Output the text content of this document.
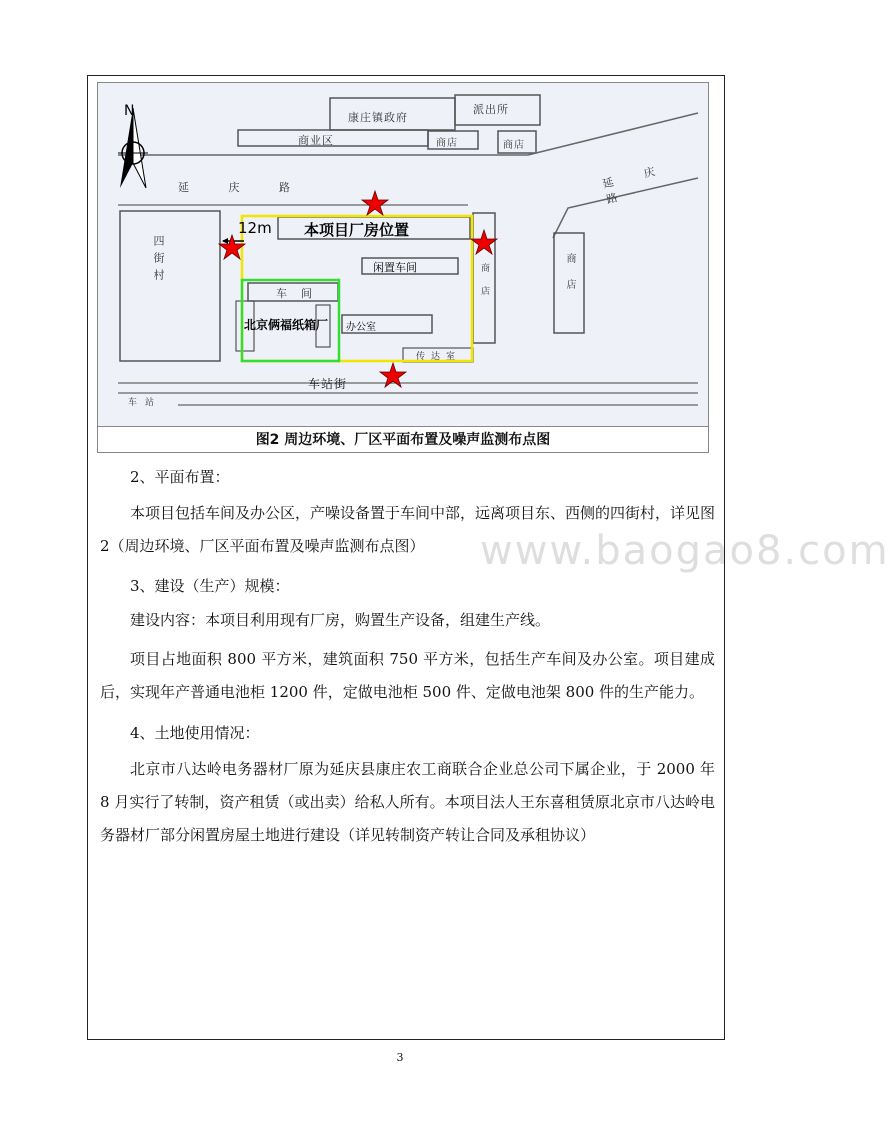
N	康庄镇政府
派出所
商业区	商店	商店
延 庆 路	延 庆 路
12m 本项目厂房位置
闲置车间
车间
北京俩福纸箱厂 办公室
四街村	商店	商店
传达室
车站街
车站
图2 周边环境、厂区平面布置及噪声监测布点图
2、平面布置：
本项目包括车间及办公区，产噪设备置于车间中部，远离项目东、西侧的四街村，详见图 2（周边环境、厂区平面布置及噪声监测布点图）
3、建设（生产）规模：
建设内容：本项目利用现有厂房，购置生产设备，组建生产线。
项目占地面积 800 平方米，建筑面积 750 平方米，包括生产车间及办公室。项目建成后，实现年产普通电池柜 1200 件，定做电池柜 500 件、定做电池架 800 件的生产能力。
4、土地使用情况：
北京市八达岭电务器材厂原为延庆县康庄农工商联合企业总公司下属企业，于 2000 年 8 月实行了转制，资产租赁（或出卖）给私人所有。本项目法人王东喜租赁原北京市八达岭电务器材厂部分闲置房屋土地进行建设（详见转制资产转让合同及承租协议）
www.baogao8.com
3
